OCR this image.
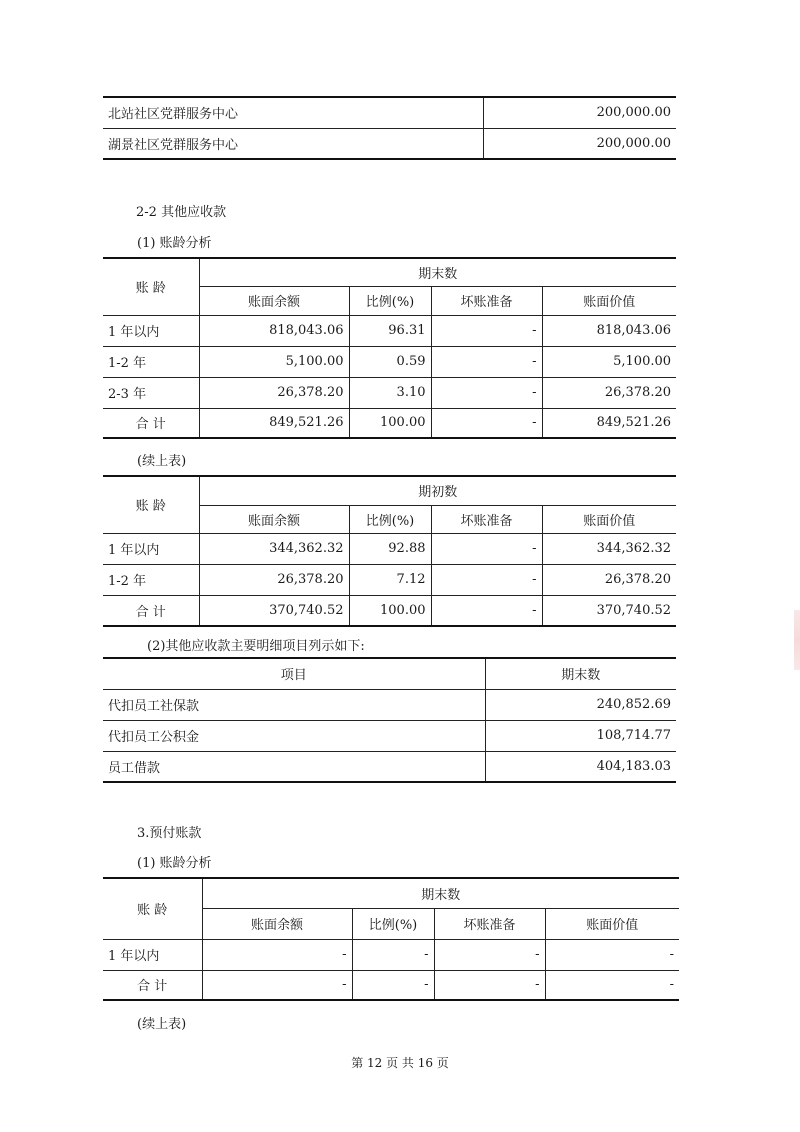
北站社区党群服务中心	200,000.00
湖景社区党群服务中心	200,000.00
2-2 其他应收款
(1) 账龄分析
账 龄	期末数			
	账面余额	比例(%)	坏账准备	账面价值
1 年以内	818,043.06	96.31	-	818,043.06
1-2 年	5,100.00	0.59	-	5,100.00
2-3 年	26,378.20	3.10	-	26,378.20
合 计	849,521.26	100.00	-	849,521.26
(续上表)
账 龄	期初数			
	账面余额	比例(%)	坏账准备	账面价值
1 年以内	344,362.32	92.88	-	344,362.32
1-2 年	26,378.20	7.12	-	26,378.20
合 计	370,740.52	100.00	-	370,740.52
(2)其他应收款主要明细项目列示如下:
项目	期末数
代扣员工社保款	240,852.69
代扣员工公积金	108,714.77
员工借款	404,183.03
3.预付账款
(1) 账龄分析
账 龄	期末数			
	账面余额	比例(%)	坏账准备	账面价值
1 年以内	-	-	-	-
合 计	-	-	-	-
(续上表)
第 12 页 共 16 页
